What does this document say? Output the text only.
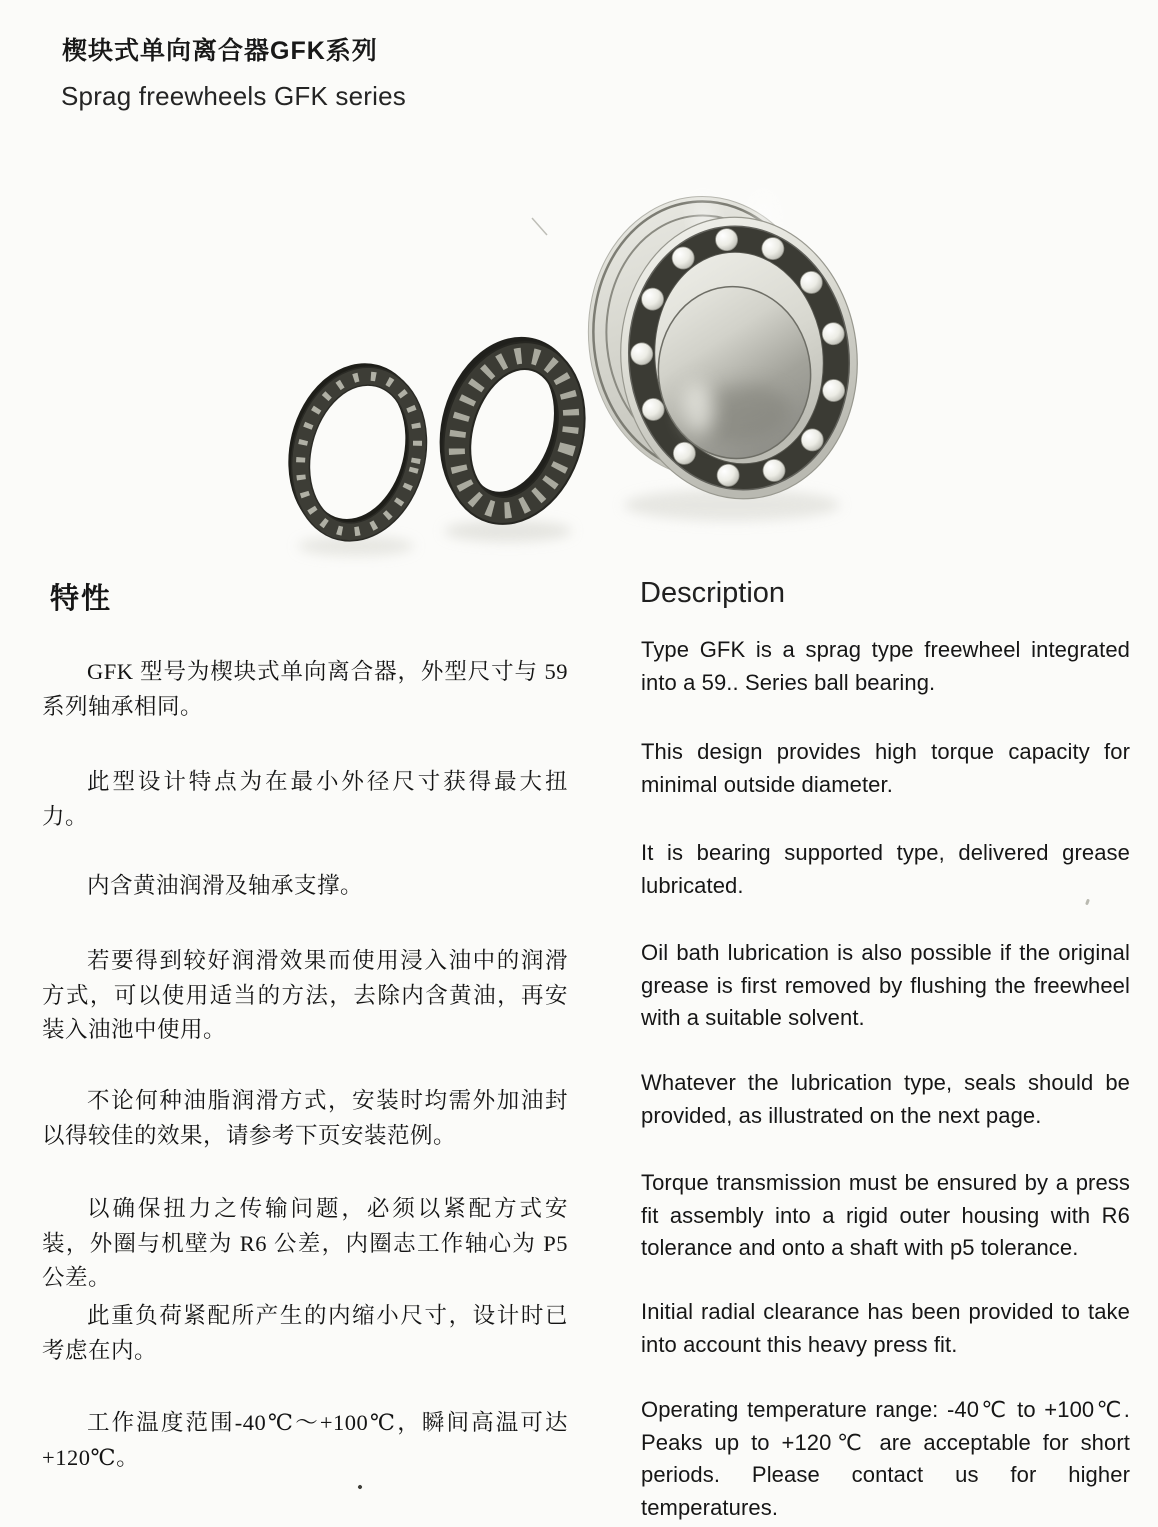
楔块式单向离合器GFK系列
Sprag freewheels GFK series
特性

GFK 型号为楔块式单向离合器，外型尺寸与 59 系列轴承相同。

此型设计特点为在最小外径尺寸获得最大扭力。

内含黄油润滑及轴承支撑。

若要得到较好润滑效果而使用浸入油中的润滑方式，可以使用适当的方法，去除内含黄油，再安装入油池中使用。

不论何种油脂润滑方式，安装时均需外加油封以得较佳的效果，请参考下页安装范例。

以确保扭力之传输问题，必须以紧配方式安装，外圈与机壁为 R6 公差，内圈志工作轴心为 P5 公差。

此重负荷紧配所产生的内缩小尺寸，设计时已考虑在内。

工作温度范围-40℃～+100℃，瞬间高温可达+120℃。

Description

Type GFK is a sprag type freewheel integrated into a 59.. Series ball bearing.

This design provides high torque capacity for minimal outside diameter.

It is bearing supported type, delivered grease lubricated.

Oil bath lubrication is also possible if the original grease is first removed by flushing the freewheel with a suitable solvent.

Whatever the lubrication type, seals should be provided, as illustrated on the next page.

Torque transmission must be ensured by a press fit assembly into a rigid outer housing with R6 tolerance and onto a shaft with p5 tolerance.

Initial radial clearance has been provided to take into account this heavy press fit.

Operating temperature range: -40℃ to +100℃. Peaks up to +120℃ are acceptable for short periods. Please contact us for higher temperatures.
